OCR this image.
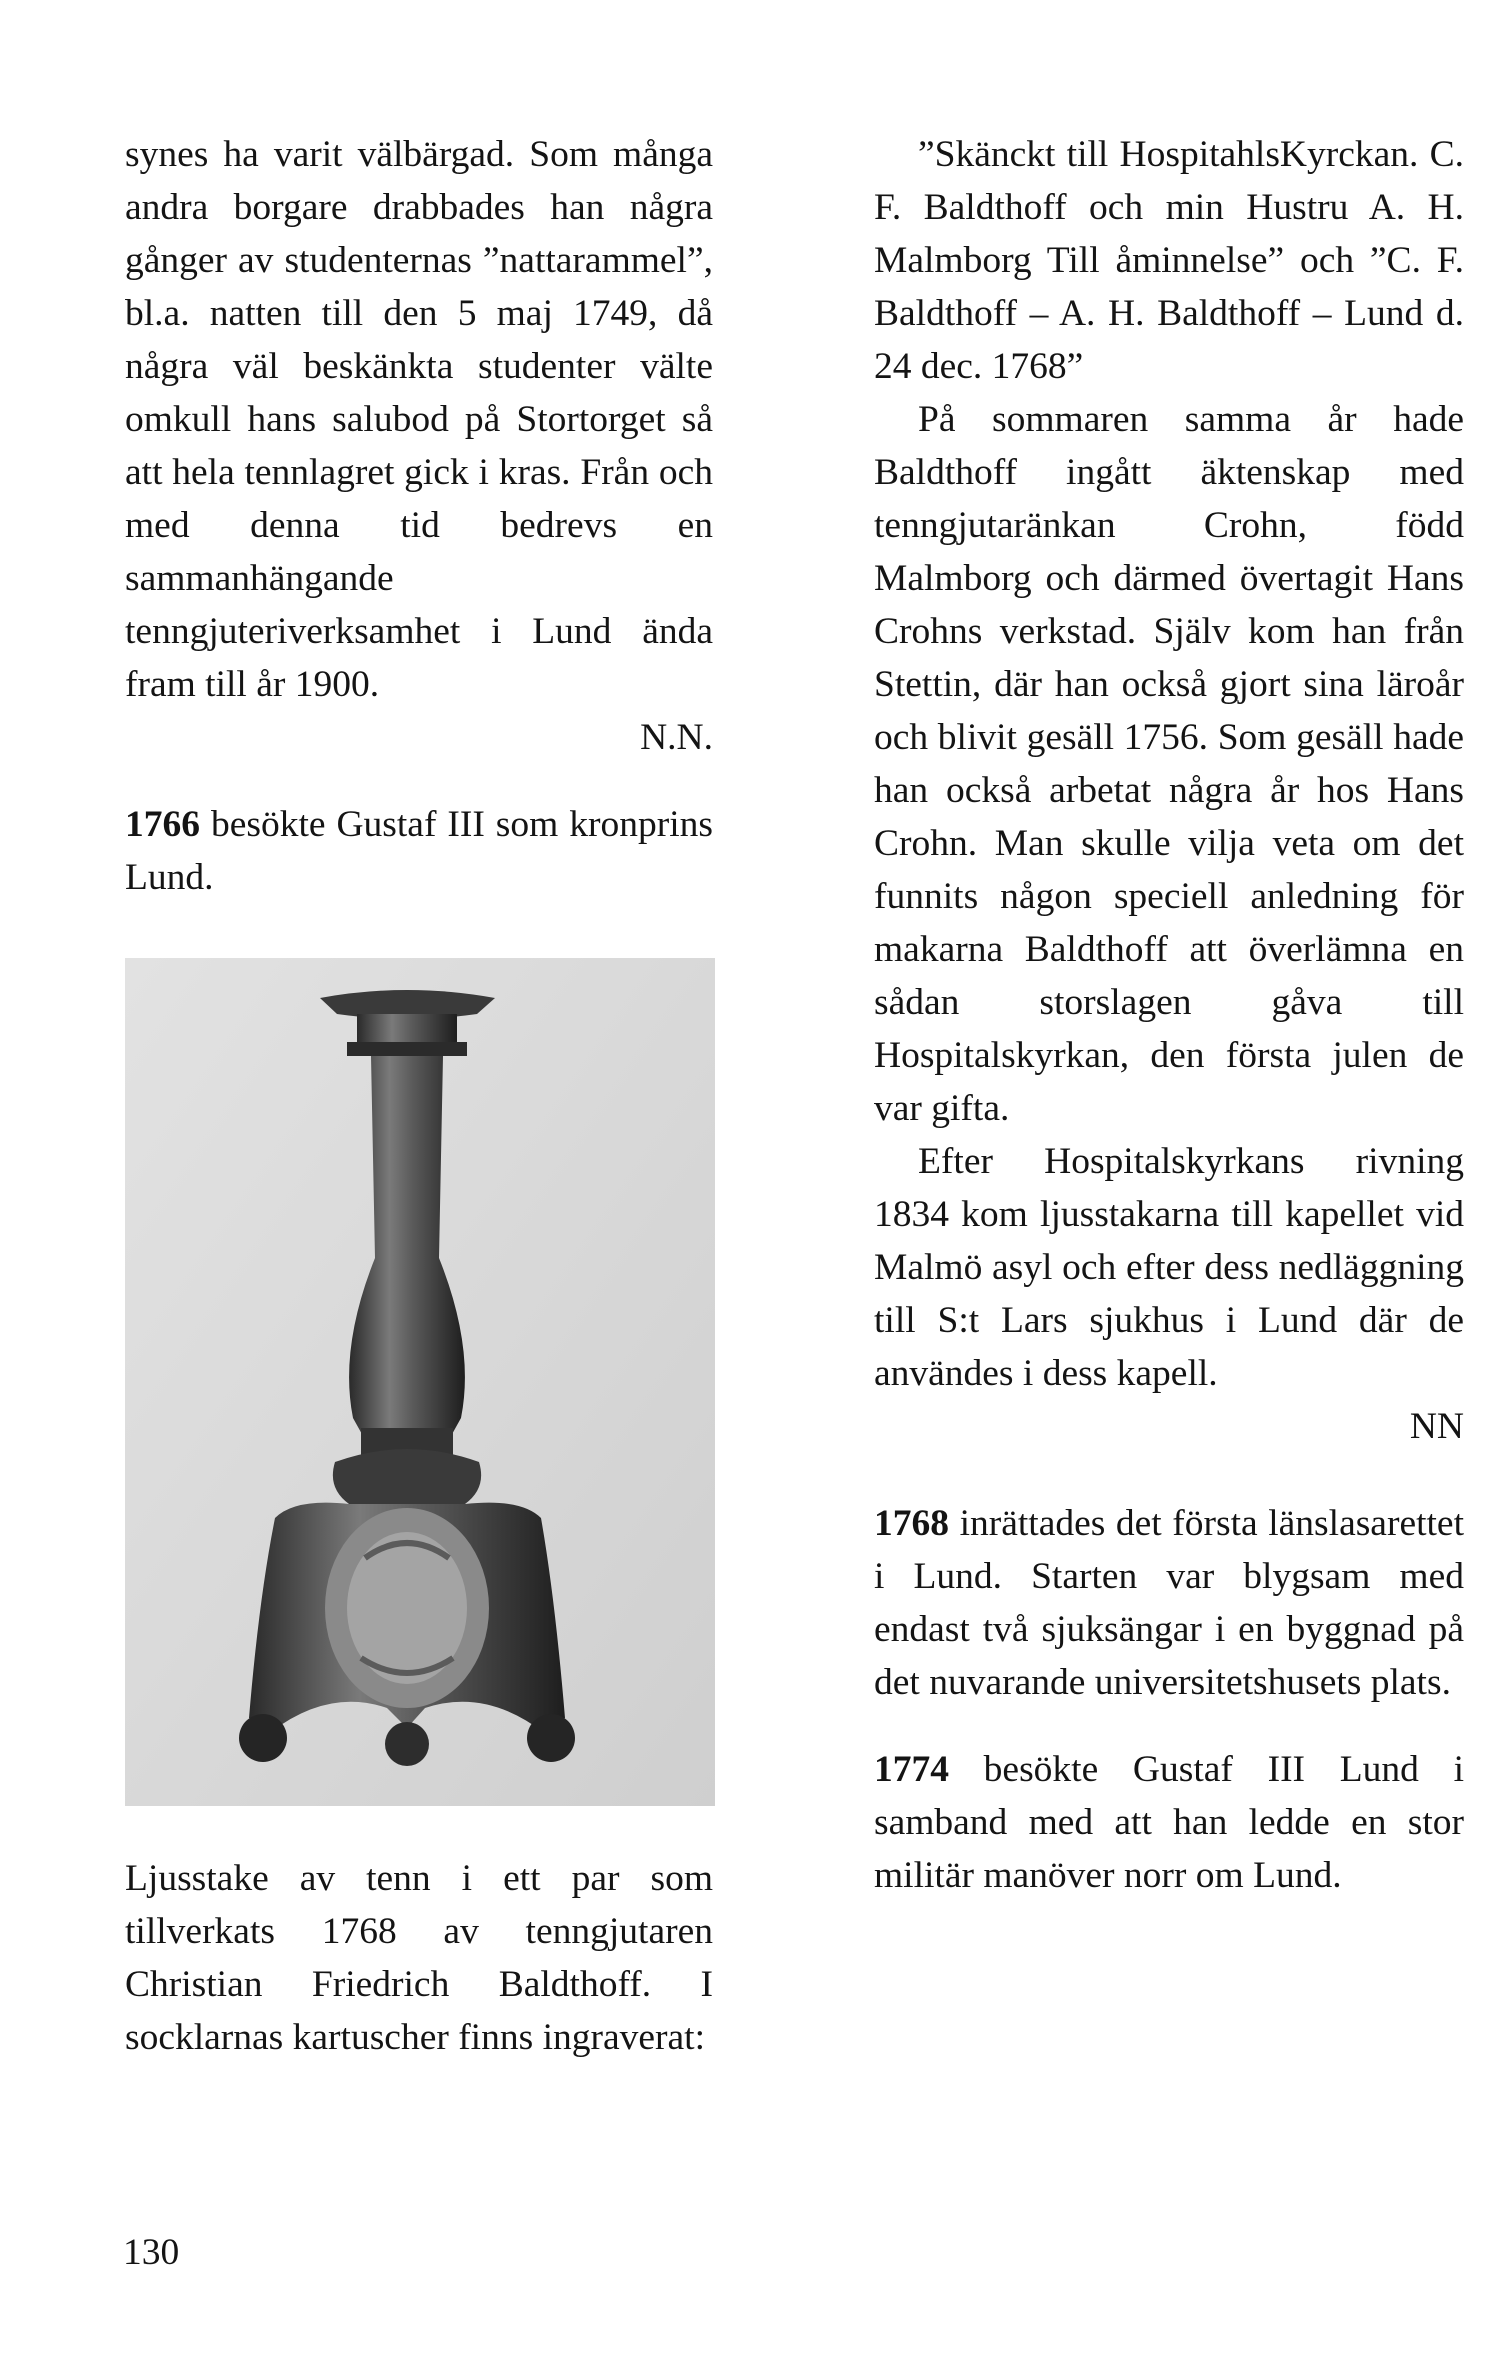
synes ha varit välbärgad. Som många andra borgare drabbades han några gånger av studenternas ”nattarammel”, bl.a. natten till den 5 maj 1749, då några väl beskänkta studenter välte omkull hans salubod på Stortorget så att hela tennlagret gick i kras. Från och med denna tid bedrevs en sammanhängande tenngjuteriverksamhet i Lund ända fram till år 1900.

N.N.

1766 besökte Gustaf III som kronprins Lund.

Ljusstake av tenn i ett par som tillverkats 1768 av tenngjutaren Christian Friedrich Baldthoff. I socklarnas kartuscher finns ingraverat:

”Skänckt till HospitahlsKyrckan. C. F. Baldthoff och min Hustru A. H. Malmborg Till åminnelse” och ”C. F. Baldthoff – A. H. Baldthoff – Lund d. 24 dec. 1768”

På sommaren samma år hade Baldthoff ingått äktenskap med tenngjutaränkan Crohn, född Malmborg och därmed övertagit Hans Crohns verkstad. Själv kom han från Stettin, där han också gjort sina läroår och blivit gesäll 1756. Som gesäll hade han också arbetat några år hos Hans Crohn. Man skulle vilja veta om det funnits någon speciell anledning för makarna Baldthoff att överlämna en sådan storslagen gåva till Hospitalskyrkan, den första julen de var gifta.

Efter Hospitalskyrkans rivning 1834 kom ljusstakarna till kapellet vid Malmö asyl och efter dess nedläggning till S:t Lars sjukhus i Lund där de användes i dess kapell.

NN

1768 inrättades det första länslasarettet i Lund. Starten var blygsam med endast två sjuksängar i en byggnad på det nuvarande universitetshusets plats.

1774 besökte Gustaf III Lund i samband med att han ledde en stor militär manöver norr om Lund.

130
